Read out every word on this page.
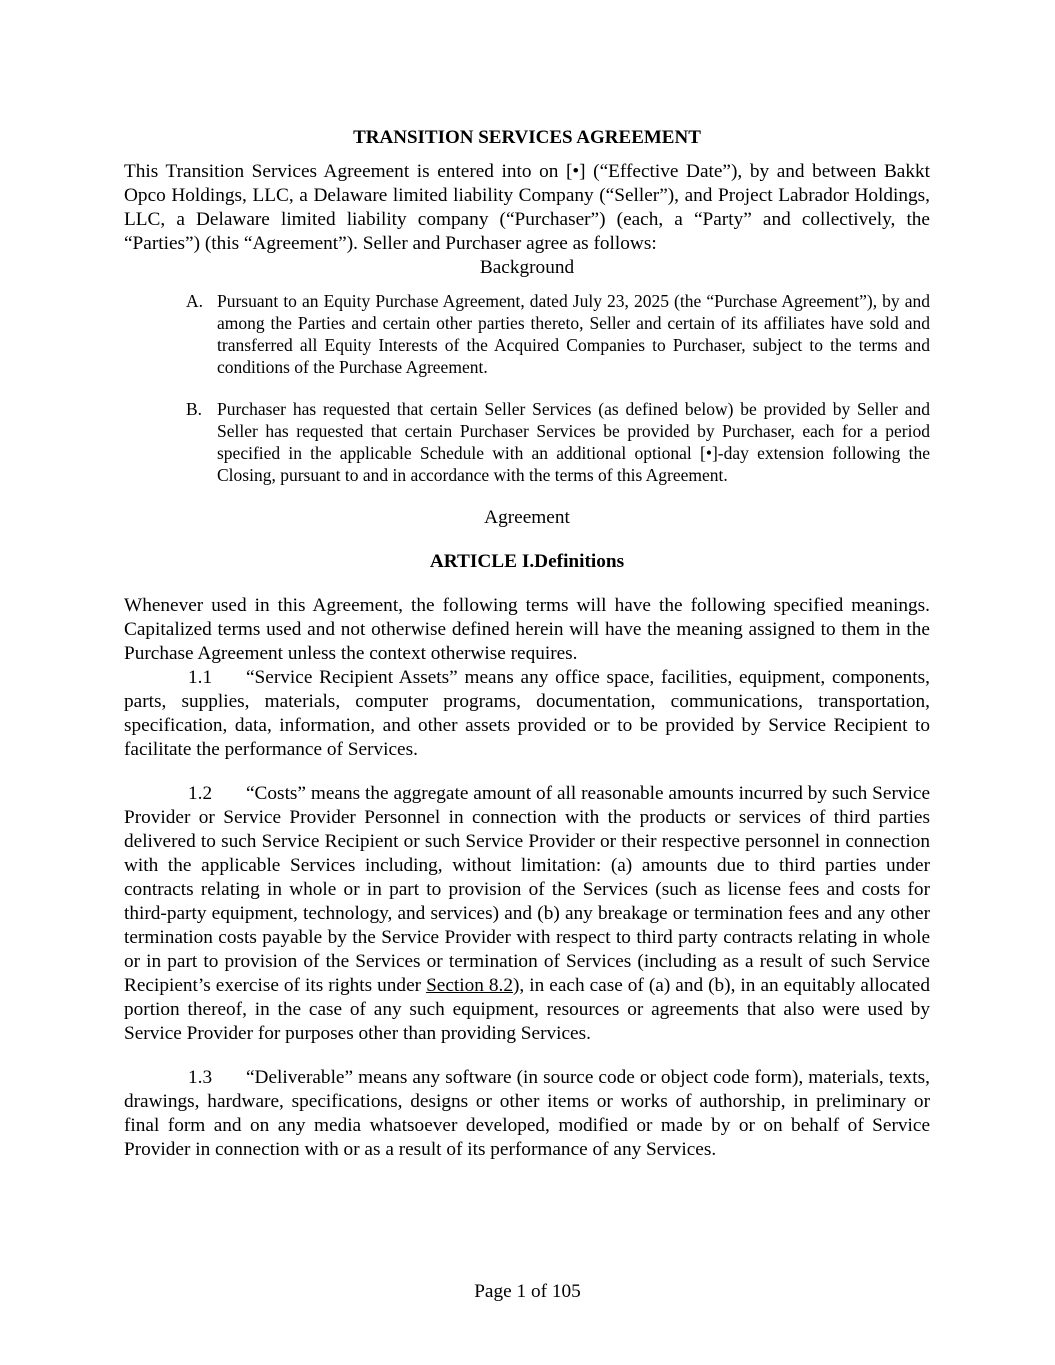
TRANSITION SERVICES AGREEMENT

This Transition Services Agreement is entered into on [•] (“Effective Date”), by and between Bakkt Opco Holdings, LLC, a Delaware limited liability Company (“Seller”), and Project Labrador Holdings, LLC, a Delaware limited liability company (“Purchaser”) (each, a “Party” and collectively, the “Parties”) (this “Agreement”). Seller and Purchaser agree as follows:

Background

A. Pursuant to an Equity Purchase Agreement, dated July 23, 2025 (the “Purchase Agreement”), by and among the Parties and certain other parties thereto, Seller and certain of its affiliates have sold and transferred all Equity Interests of the Acquired Companies to Purchaser, subject to the terms and conditions of the Purchase Agreement.
B. Purchaser has requested that certain Seller Services (as defined below) be provided by Seller and Seller has requested that certain Purchaser Services be provided by Purchaser, each for a period specified in the applicable Schedule with an additional optional [•]-day extension following the Closing, pursuant to and in accordance with the terms of this Agreement.
Agreement
ARTICLE I.Definitions

Whenever used in this Agreement, the following terms will have the following specified meanings. Capitalized terms used and not otherwise defined herein will have the meaning assigned to them in the Purchase Agreement unless the context otherwise requires.

1.1 “Service Recipient Assets” means any office space, facilities, equipment, components, parts, supplies, materials, computer programs, documentation, communications, transportation, specification, data, information, and other assets provided or to be provided by Service Recipient to facilitate the performance of Services.

1.2 “Costs” means the aggregate amount of all reasonable amounts incurred by such Service Provider or Service Provider Personnel in connection with the products or services of third parties delivered to such Service Recipient or such Service Provider or their respective personnel in connection with the applicable Services including, without limitation: (a) amounts due to third parties under contracts relating in whole or in part to provision of the Services (such as license fees and costs for third-party equipment, technology, and services) and (b) any breakage or termination fees and any other termination costs payable by the Service Provider with respect to third party contracts relating in whole or in part to provision of the Services or termination of Services (including as a result of such Service Recipient’s exercise of its rights under Section 8.2), in each case of (a) and (b), in an equitably allocated portion thereof, in the case of any such equipment, resources or agreements that also were used by Service Provider for purposes other than providing Services.

1.3 “Deliverable” means any software (in source code or object code form), materials, texts, drawings, hardware, specifications, designs or other items or works of authorship, in preliminary or final form and on any media whatsoever developed, modified or made by or on behalf of Service Provider in connection with or as a result of its performance of any Services.

Page 1 of 105
